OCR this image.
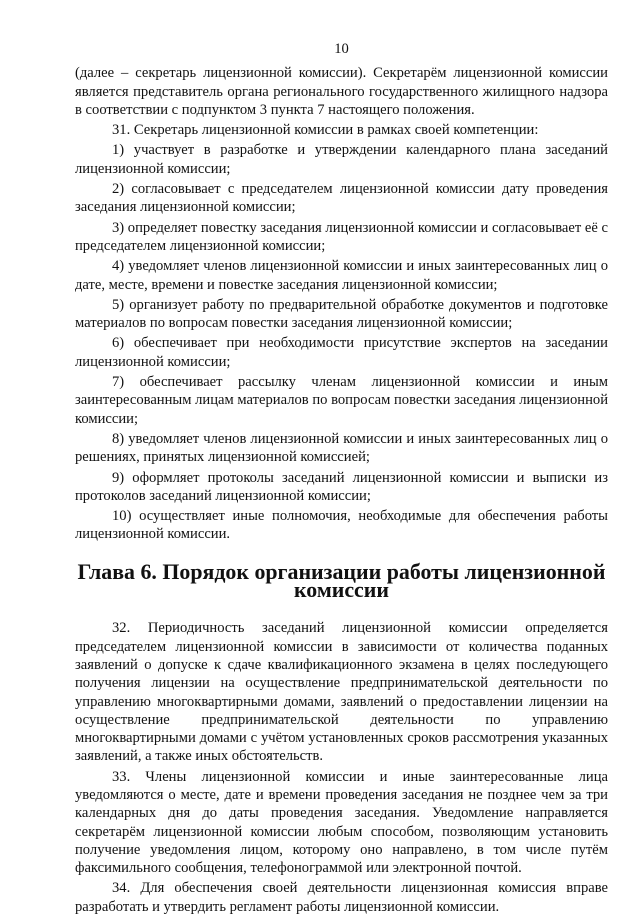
10

(далее – секретарь лицензионной комиссии). Секретарём лицензионной комиссии является представитель органа регионального государственного жилищного надзора в соответствии с подпунктом 3 пункта 7 настоящего положения.

31. Секретарь лицензионной комиссии в рамках своей компетенции:

1) участвует в разработке и утверждении календарного плана заседаний лицензионной комиссии;

2) согласовывает с председателем лицензионной комиссии дату проведения заседания лицензионной комиссии;

3) определяет повестку заседания лицензионной комиссии и согласовывает её с председателем лицензионной комиссии;

4) уведомляет членов лицензионной комиссии и иных заинтересованных лиц о дате, месте, времени и повестке заседания лицензионной комиссии;

5) организует работу по предварительной обработке документов и подготовке материалов по вопросам повестки заседания лицензионной комиссии;

6) обеспечивает при необходимости присутствие экспертов на заседании лицензионной комиссии;

7) обеспечивает рассылку членам лицензионной комиссии и иным заинтересованным лицам материалов по вопросам повестки заседания лицензионной комиссии;

8) уведомляет членов лицензионной комиссии и иных заинтересованных лиц о решениях, принятых лицензионной комиссией;

9) оформляет протоколы заседаний лицензионной комиссии и выписки из протоколов заседаний лицензионной комиссии;

10) осуществляет иные полномочия, необходимые для обеспечения работы лицензионной комиссии.

Глава 6. Порядок организации работы лицензионной комиссии

32. Периодичность заседаний лицензионной комиссии определяется председателем лицензионной комиссии в зависимости от количества поданных заявлений о допуске к сдаче квалификационного экзамена в целях последующего получения лицензии на осуществление предпринимательской деятельности по управлению многоквартирными домами, заявлений о предоставлении лицензии на осуществление предпринимательской деятельности по управлению многоквартирными домами с учётом установленных сроков рассмотрения указанных заявлений, а также иных обстоятельств.

33. Члены лицензионной комиссии и иные заинтересованные лица уведомляются о месте, дате и времени проведения заседания не позднее чем за три календарных дня до даты проведения заседания. Уведомление направляется секретарём лицензионной комиссии любым способом, позволяющим установить получение уведомления лицом, которому оно направлено, в том числе путём факсимильного сообщения, телефонограммой или электронной почтой.

34. Для обеспечения своей деятельности лицензионная комиссия вправе разработать и утвердить регламент работы лицензионной комиссии.
